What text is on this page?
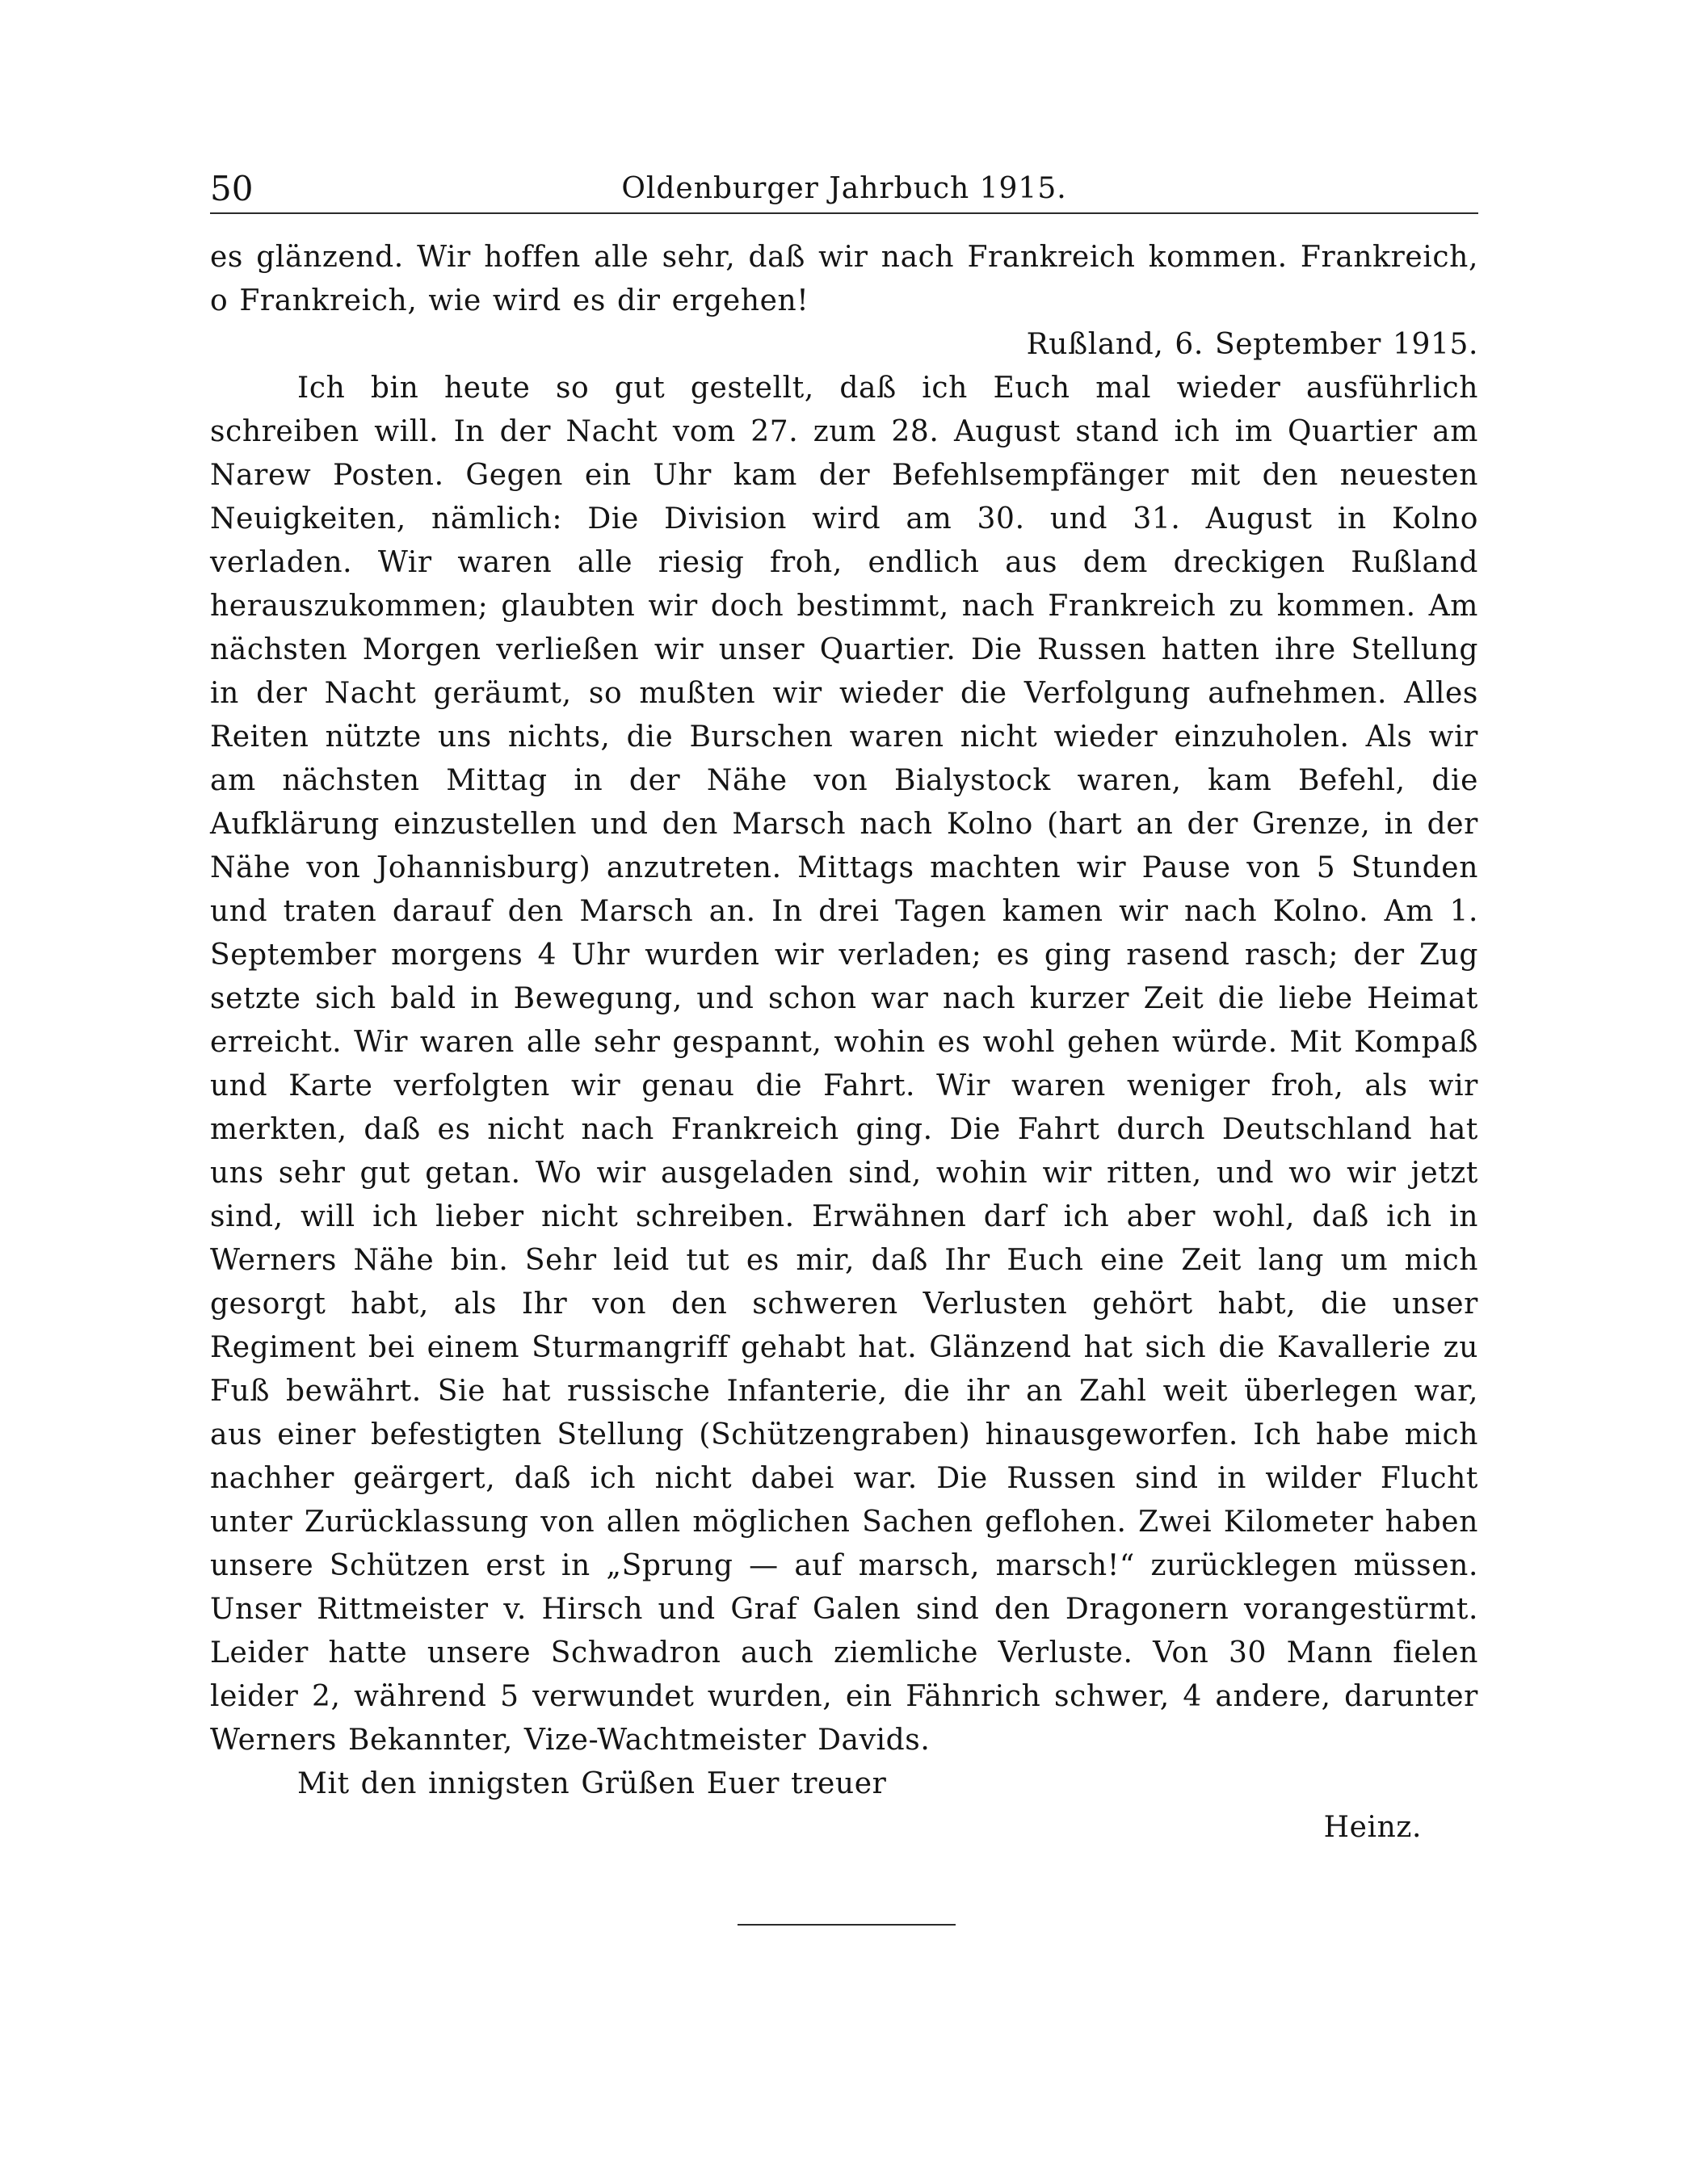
50	Oldenburger Jahrbuch 1915.

es glänzend. Wir hoffen alle sehr, daß wir nach Frankreich kommen. Frankreich, o Frankreich, wie wird es dir ergehen!

Rußland, 6. September 1915.

Ich bin heute so gut gestellt, daß ich Euch mal wieder ausführlich schreiben will. In der Nacht vom 27. zum 28. August stand ich im Quartier am Narew Posten. Gegen ein Uhr kam der Befehlsempfänger mit den neuesten Neuigkeiten, nämlich: Die Division wird am 30. und 31. August in Kolno verladen. Wir waren alle riesig froh, endlich aus dem dreckigen Rußland herauszukommen; glaubten wir doch bestimmt, nach Frankreich zu kommen. Am nächsten Morgen verließen wir unser Quartier. Die Russen hatten ihre Stellung in der Nacht geräumt, so mußten wir wieder die Verfolgung aufnehmen. Alles Reiten nützte uns nichts, die Burschen waren nicht wieder einzuholen. Als wir am nächsten Mittag in der Nähe von Bialystock waren, kam Befehl, die Aufklärung einzustellen und den Marsch nach Kolno (hart an der Grenze, in der Nähe von Johannisburg) anzutreten. Mittags machten wir Pause von 5 Stunden und traten darauf den Marsch an. In drei Tagen kamen wir nach Kolno. Am 1. September morgens 4 Uhr wurden wir verladen; es ging rasend rasch; der Zug setzte sich bald in Bewegung, und schon war nach kurzer Zeit die liebe Heimat erreicht. Wir waren alle sehr gespannt, wohin es wohl gehen würde. Mit Kompaß und Karte verfolgten wir genau die Fahrt. Wir waren weniger froh, als wir merkten, daß es nicht nach Frankreich ging. Die Fahrt durch Deutschland hat uns sehr gut getan. Wo wir ausgeladen sind, wohin wir ritten, und wo wir jetzt sind, will ich lieber nicht schreiben. Erwähnen darf ich aber wohl, daß ich in Werners Nähe bin. Sehr leid tut es mir, daß Ihr Euch eine Zeit lang um mich gesorgt habt, als Ihr von den schweren Verlusten gehört habt, die unser Regiment bei einem Sturmangriff gehabt hat. Glänzend hat sich die Kavallerie zu Fuß bewährt. Sie hat russische Infanterie, die ihr an Zahl weit überlegen war, aus einer befestigten Stellung (Schützengraben) hinausgeworfen. Ich habe mich nachher geärgert, daß ich nicht dabei war. Die Russen sind in wilder Flucht unter Zurücklassung von allen möglichen Sachen geflohen. Zwei Kilometer haben unsere Schützen erst in „Sprung — auf marsch, marsch!“ zurücklegen müssen. Unser Rittmeister v. Hirsch und Graf Galen sind den Dragonern vorangestürmt. Leider hatte unsere Schwadron auch ziemliche Verluste. Von 30 Mann fielen leider 2, während 5 verwundet wurden, ein Fähnrich schwer, 4 andere, darunter Werners Bekannter, Vize-Wachtmeister Davids.

Mit den innigsten Grüßen Euer treuer

Heinz.
